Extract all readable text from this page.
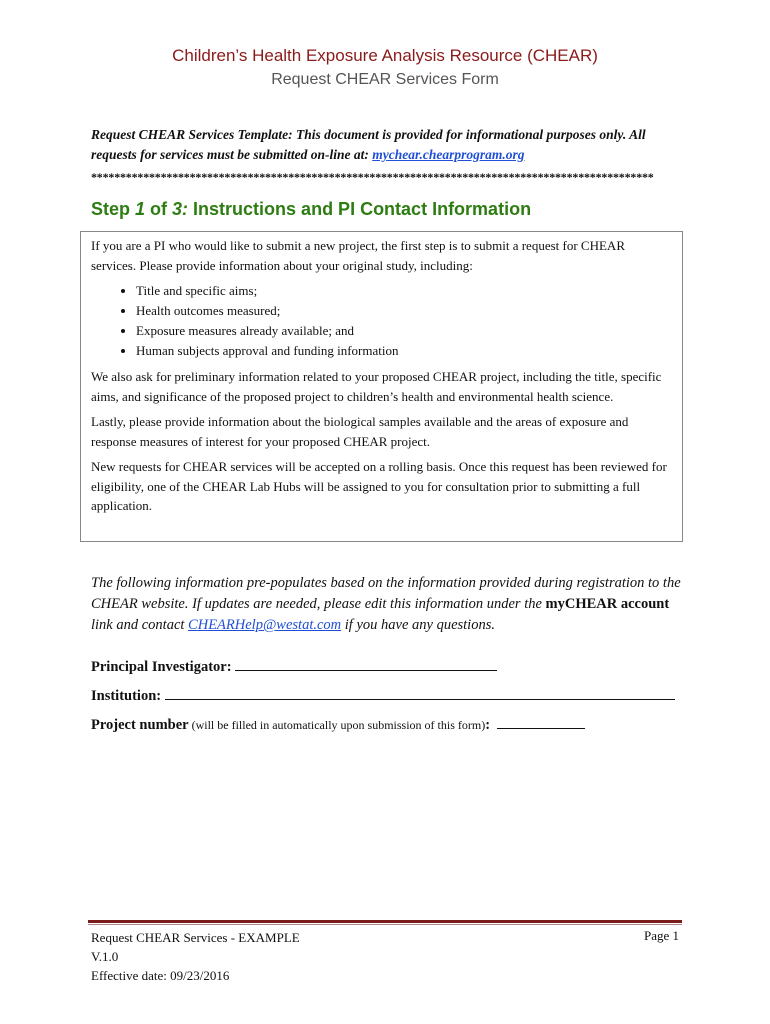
Children’s Health Exposure Analysis Resource (CHEAR)
Request CHEAR Services Form
Request CHEAR Services Template: This document is provided for informational purposes only. All requests for services must be submitted on-line at: mychear.chearprogram.org
*************************************************************************************************
Step 1 of 3: Instructions and PI Contact Information

If you are a PI who would like to submit a new project, the first step is to submit a request for CHEAR services. Please provide information about your original study, including:

• Title and specific aims;
• Health outcomes measured;
• Exposure measures already available; and
• Human subjects approval and funding information

We also ask for preliminary information related to your proposed CHEAR project, including the title, specific aims, and significance of the proposed project to children’s health and environmental health science.

Lastly, please provide information about the biological samples available and the areas of exposure and response measures of interest for your proposed CHEAR project.

New requests for CHEAR services will be accepted on a rolling basis. Once this request has been reviewed for eligibility, one of the CHEAR Lab Hubs will be assigned to you for consultation prior to submitting a full application.

The following information pre-populates based on the information provided during registration to the CHEAR website. If updates are needed, please edit this information under the myCHEAR account link and contact CHEARHelp@westat.com if you have any questions.
Principal Investigator:
Institution:
Project number (will be filled in automatically upon submission of this form):
Request CHEAR Services - EXAMPLE
V.1.0
Effective date: 09/23/2016
Page 1
